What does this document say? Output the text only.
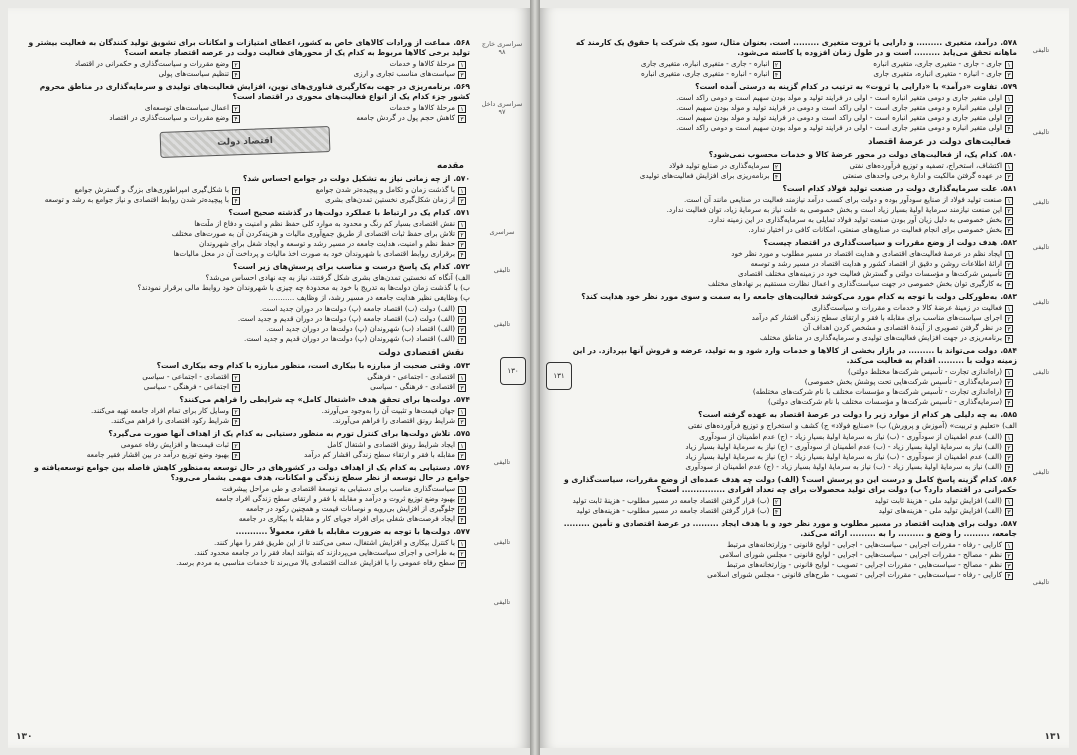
سراسری خارج ۹۸
سراسری داخل ۹۷
سراسری
تالیفی
تالیفی
تالیفی
تالیفی
تالیفی
۵۶۸.مماعت از ورادات کالاهای خاص به کشور، اعطای امتیازات و امکانات برای تشویق تولید کنندگان به فعالیت بیشتر و تولید برخی کالاها مربوط به کدام یک از محورهای فعالیت دولت در عرصه اقتصاد جامعه است؟
۱مرحلهٔ کالاها و خدمات
۲وضع مقررات و سیاست‌گذاری و حکمرانی در اقتصاد
۳سیاست‌های مناسب تجاری و ارزی
۴تنظیم سیاست‌های پولی
۵۶۹.برنامه‌ریزی در جهت به‌کارگیری فناوری‌های نوین، افزایش فعالیت‌های تولیدی و سرمایه‌گذاری در مناطق محروم کشور جزء کدام یک از انواع فعالیت‌های محوری در اقتصاد است؟
۱مرحلهٔ کالاها و خدمات
۲اعمال سیاست‌های توسعه‌ای
۳کاهش حجم پول در گردش جامعه
۴وضع مقررات و سیاست‌گذاری در اقتصاد
اقتصاد دولت
مقدمه
۵۷۰.از چه زمانی نیاز به تشکیل دولت در جوامع احساس شد؟
۱با گذشت زمان و تکامل و پیچیده‌تر شدن جوامع
۲با شکل‌گیری امپراطوری‌های بزرگ و گسترش جوامع
۳از زمان شکل‌گیری نخستین تمدن‌های بشری
۴با پیچیده‌تر شدن روابط اقتصادی و نیاز جوامع به رشد و توسعه
۵۷۱.کدام یک در ارتباط با عملکرد دولت‌ها در گذشته صحیح است؟
۱نقش اقتصادی بسیار کم رنگ و محدود به موارد کلی حفظ نظم و امنیت و دفاع از ملّت‌ها
۲تلاش برای حفظ ثبات اقتصادی از طریق جمع‌آوری مالیات و هزینه‌کردن آن به صورت‌های مختلف
۳حفظ نظم و امنیت، هدایت جامعه در مسیر رشد و توسعه و ایجاد شغل برای شهروندان
۴برقراری روابط اقتصادی با شهروندان خود به صورت اخذ مالیات و پرداخت آن در محل مالیات‌ها
۵۷۲.کدام یک پاسخ درست و مناسب برای پرسش‌های زیر است؟
الف) آنگاه که نخستین تمدن‌های بشری شکل گرفتند، نیاز به چه نهادی احساس می‌شد؟
ب) با گذشت زمان دولت‌ها به تدریج با خود به محدودهٔ چه چیزی با شهروندان خود روابط مالی برقرار نمودند؟
پ) وظایفی نظیر هدایت جامعه در مسیر رشد، از وظایف ...........
۱(الف) دولت (ب) اقتصاد جامعه (پ) دولت‌ها در دوران جدید است.
۲(الف) دولت (ب) اقتصاد جامعه (پ) دولت‌ها در دوران قدیم و جدید است.
۳(الف) اقتصاد (ب) شهروندان (پ) دولت‌ها در دوران جدید است.
۴(الف) اقتصاد (ب) شهروندان (پ) دولت‌ها در دوران قدیم و جدید است.
نقش اقتصادی دولت
۵۷۳.وقتی صحبت از مبارزه با بیکاری است، منظور مبارزه با کدام وجه بیکاری است؟
۱اقتصادی - اجتماعی - فرهنگی
۲اقتصادی - اجتماعی - سیاسی
۳اقتصادی - فرهنگی - سیاسی
۴اجتماعی - فرهنگی - سیاسی
۵۷۴.دولت‌ها برای تحقق هدف «اشتغال کامل» چه شرایطی را فراهم می‌کنند؟
۱جهان قیمت‌ها و تثبیت آن را به‌وجود می‌آورند.
۲وسایل کار برای تمام افراد جامعه تهیه می‌کنند.
۳شرایط رونق اقتصادی را فراهم می‌آورند.
۴شرایط رکود اقتصادی را فراهم می‌کنند.
۵۷۵.تلاش دولت‌ها برای کنترل تورم به منظور دستیابی به کدام یک از اهداف آنها صورت می‌گیرد؟
۱ایجاد شرایط رونق اقتصادی و اشتغال کامل
۲ثبات قیمت‌ها و افزایش رفاه عمومی
۳مقابله با فقر و ارتقاء سطح زندگی اقشار کم درآمد
۴بهبود وضع توزیع درآمد در بین اقشار فقیر جامعه
۵۷۶.دستیابی به کدام یک از اهداف دولت در کشورهای در حال توسعه به‌منظور کاهش فاصله بین جوامع توسعه‌یافته و جوامع در حال توسعه از نظر سطح زندگی و امکانات، هدف مهمی بشمار می‌رود؟
۱سیاست‌گذاری مناسب برای دستیابی به توسعهٔ اقتصادی و طی مراحل پیشرفت
۲بهبود وضع توزیع ثروت و درآمد و مقابله با فقر و ارتقای سطح زندگی افراد جامعه
۳جلوگیری از افزایش بی‌رویه و نوسانات قیمت و همچنین رکود در جامعه
۴ایجاد فرصت‌های شغلی برای افراد جویای کار و مقابله با بیکاری در جامعه
۵۷۷.دولت‌ها با توجه به ضرورت مقابله با فقر، معمولاً ...........
۱با کنترل بیکاری و افزایش اشتغال، سعی می‌کنند تا از این طریق فقر را مهار کنند.
۲به طراحی و اجرای سیاست‌هایی می‌پردازند که بتوانند ابعاد فقر را در جامعه محدود کنند.
۳سطح رفاه عمومی را با افزایش عدالت اقتصادی بالا می‌برند تا خدمات مناسبی به مردم برسد.
۱۳۰
تالیفی
تالیفی
تالیفی
تالیفی
تالیفی
تالیفی
تالیفی
تالیفی
۵۷۸.درآمد، متغیری ......... و دارایی یا ثروت متغیری ......... است. بعنوان مثال، سود یک شرکت یا حقوق یک کارمند که ماهانه تحقق می‌یابد ......... است و در طول زمان افزوده یا کاسته می‌شود.
۱جاری - جاری - متغیری جاری، متغیری انباره
۲انباره - جاری - متغیری انباره، متغیری جاری
۳جاری - انباره - متغیری انباره، متغیری جاری
۴انباره - انباره - متغیری جاری، متغیری انباره
۵۷۹.تفاوت «درآمد» با «دارایی یا ثروت» به ترتیب در کدام گزینه به درستی آمده است؟
۱اولی متغیر جاری و دومی متغیر انباره است - اولی در فرایند تولید و مولد بودن سهیم است و دومی راکد است.
۲اولی متغیر انباره و دومی متغیر جاری است - اولی راکد است و دومی در فرایند تولید و مولد بودن سهیم است.
۳اولی متغیر جاری و دومی متغیر انباره است - اولی راکد است و دومی در فرایند تولید و مولد بودن سهیم است.
۴اولی متغیر انباره و دومی متغیر جاری است - اولی در فرایند تولید و مولد بودن سهیم است و دومی راکد است.
فعالیت‌های دولت در عرصهٔ اقتصاد
۵۸۰.کدام یک، از فعالیت‌های دولت در محور عرضهٔ کالا و خدمات محسوب نمی‌شود؟
۱اکتشاف، استخراج، تصفیه و توزیع فرآورده‌های نفتی
۲سرمایه‌گذاری در صنایع تولید فولاد
۳در عهده گرفتن مالکیت و ادارهٔ برخی واحدهای صنعتی
۴برنامه‌ریزی برای افزایش فعالیت‌های تولیدی
۵۸۱.علت سرمایه‌گذاری دولت در صنعت تولید فولاد کدام است؟
۱صنعت تولید فولاد از صنایع سودآور بوده و دولت برای کسب درآمد نیازمند فعالیت در صنایعی مانند آن است.
۲این صنعت نیازمند سرمایهٔ اولیهٔ بسیار زیاد است و بخش خصوصی به علت نیاز به سرمایهٔ زیاد، توان فعالیت ندارد.
۳بخش خصوصی به دلیل زیان آور بودن صنعت تولید فولاد تمایلی به سرمایه‌گذاری در این زمینه ندارد.
۴بخش خصوصی برای انجام فعالیت در صنایع‌های صنعتی، امکانات کافی در اختیار ندارد.
۵۸۲.هدف دولت از وضع مقررات و سیاست‌گذاری در اقتصاد چیست؟
۱ایجاد نظم در عرصهٔ فعالیت‌های اقتصادی و هدایت اقتصاد در مسیر مطلوب و مورد نظر خود
۲ارائهٔ اطلاعات روشن و دقیق از اقتصاد کشور و هدایت اقتصاد در مسیر رشد و توسعه
۳تأسیس شرکت‌ها و مؤسسات دولتی و گسترش فعالیت خود در زمینه‌های مختلف اقتصادی
۴به کارگیری توان بخش خصوصی در جهت سیاست‌گذاری و اعمال نظارت مستقیم بر نهادهای مختلف
۵۸۳.به‌طورکلی دولت با توجه به کدام مورد می‌کوشد فعالیت‌های جامعه را به سمت و سوی مورد نظر خود هدایت کند؟
۱فعالیت در زمینهٔ عرضهٔ کالا و خدمات و مقررات و سیاست‌گذاری
۲اجرای سیاست‌های مناسب برای مقابله با فقر و ارتقای سطح زندگی اقشار کم درآمد
۳در نظر گرفتن تصویری از آیندهٔ اقتصادی و مشخص کردن اهداف آن
۴برنامه‌ریزی در جهت افزایش فعالیت‌های تولیدی و سرمایه‌گذاری در مناطق مختلف
۵۸۴.دولت می‌تواند با ......... در بازار بخشی از کالاها و خدمات وارد شود و به تولید، عرضه و فروش آنها بپردازد. در این زمینه دولت با ......... اقدام به فعالیت می‌کند.
۱(راه‌اندازی تجارت - تأسیس شرکت‌ها مختلط دولتی)
۲(سرمایه‌گذاری - تأسیس شرکت‌هایی تحت پوشش بخش خصوصی)
۳(راه‌اندازی تجارت - تأسیس شرکت‌ها و مؤسسات مختلف با نام شرکت‌های مختلطه)
۴(سرمایه‌گذاری - تأسیس شرکت‌ها و مؤسسات مختلف با نام شرکت‌های دولتی)
۵۸۵.به چه دلیلی هر کدام از موارد زیر را دولت در عرصهٔ اقتصاد به عهده گرفته است؟
الف) «تعلیم و تربیت» (آموزش و پرورش) ب) «صنایع فولاد» ج) کشف و استخراج و توزیع فرآورده‌های نفتی
۱(الف) عدم اطمینان از سودآوری - (ب) نیاز به سرمایهٔ اولیهٔ بسیار زیاد - (ج) عدم اطمینان از سودآوری
۲(الف) نیاز به سرمایهٔ اولیهٔ بسیار زیاد - (ب) عدم اطمینان از سودآوری - (ج) نیاز به سرمایهٔ اولیهٔ بسیار زیاد
۳(الف) عدم اطمینان از سودآوری - (ب) نیاز به سرمایهٔ اولیهٔ بسیار زیاد - (ج) نیاز به سرمایهٔ اولیهٔ بسیار زیاد
۴(الف) نیاز به سرمایهٔ اولیهٔ بسیار زیاد - (ب) نیاز به سرمایهٔ اولیهٔ بسیار زیاد - (ج) عدم اطمینان از سودآوری
۵۸۶.کدام گزینه پاسخ کامل و درست این دو پرسش است؟ (الف) دولت چه هدف عمده‌ای از وضع مقررات، سیاست‌گذاری و حکمرانی در اقتصاد دارد؟ ب) دولت برای تولید محصولات برای چه تعداد افرادی ............... است؟
۱(الف) افزایش تولید ملی - هزینهٔ ثابت تولید
۲(ب) قرار گرفتن اقتصاد جامعه در مسیر مطلوب - هزینهٔ ثابت تولید
۳(الف) افزایش تولید ملی - هزینه‌های تولید
۴(ب) قرار گرفتن اقتصاد جامعه در مسیر مطلوب - هزینه‌های تولید
۵۸۷.دولت برای هدایت اقتصاد در مسیر مطلوب و مورد نظر خود و با هدف ایجاد ......... در عرصهٔ اقتصادی و تأمین ......... جامعه، ......... را وضع و ......... را به ......... ارائه می‌کند.
۱کارایی - رفاه - مقررات اجرایی - سیاست‌هایی - اجرایی - لوایح قانونی - وزارتخانه‌های مرتبط
۲نظم - مصالح - مقررات اجرایی - سیاست‌هایی - اجرایی - لوایح قانونی - مجلس شورای اسلامی
۳نظم - مصالح - سیاست‌هایی - مقررات اجرایی - تصویب - لوایح قانونی - وزارتخانه‌های مرتبط
۴کارایی - رفاه - سیاست‌هایی - مقررات اجرایی - تصویب - طرح‌های قانونی - مجلس شورای اسلامی
۱۳۱
۱۳۰
۱۳۱
